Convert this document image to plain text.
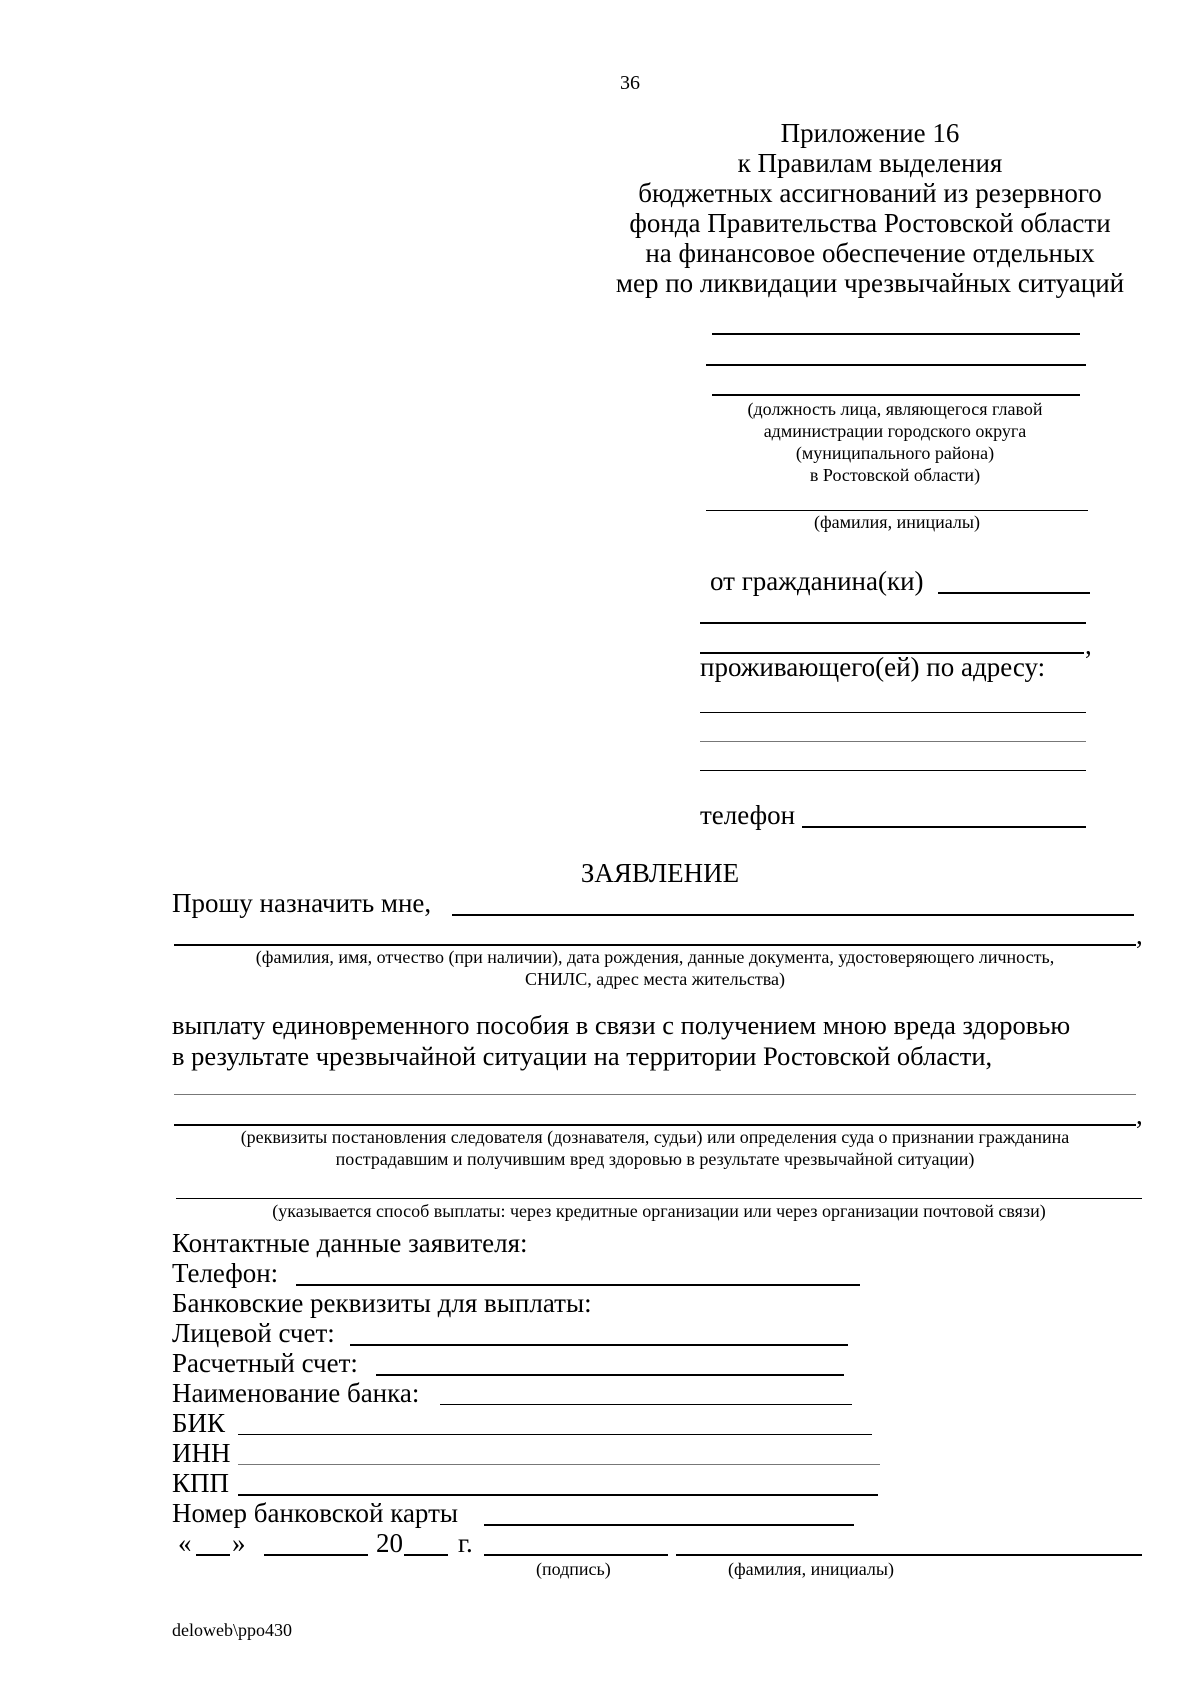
36
Приложение 16
к Правилам выделения
бюджетных ассигнований из резервного
фонда Правительства Ростовской области
на финансовое обеспечение отдельных
мер по ликвидации чрезвычайных ситуаций
(должность лица, являющегося главой
администрации городского округа
(муниципального района)
в Ростовской области)
(фамилия, инициалы)
от гражданина(ки)
,
проживающего(ей) по адресу:
телефон
ЗАЯВЛЕНИЕ
Прошу назначить мне,
,
(фамилия, имя, отчество (при наличии), дата рождения, данные документа, удостоверяющего личность,
СНИЛС, адрес места жительства)
выплату единовременного пособия в связи с получением мною вреда здоровью
в результате чрезвычайной ситуации на территории Ростовской области,
,
(реквизиты постановления следователя (дознавателя, судьи) или определения суда о признании гражданина
пострадавшим и получившим вред здоровью в результате чрезвычайной ситуации)
(указывается способ выплаты: через кредитные организации или через организации почтовой связи)
Контактные данные заявителя:
Телефон:
Банковские реквизиты для выплаты:
Лицевой счет:
Расчетный счет:
Наименование банка:
БИК
ИНН
КПП
Номер банковской карты
« »	20 г.
(подпись)	(фамилия, инициалы)
deloweb\ppo430
